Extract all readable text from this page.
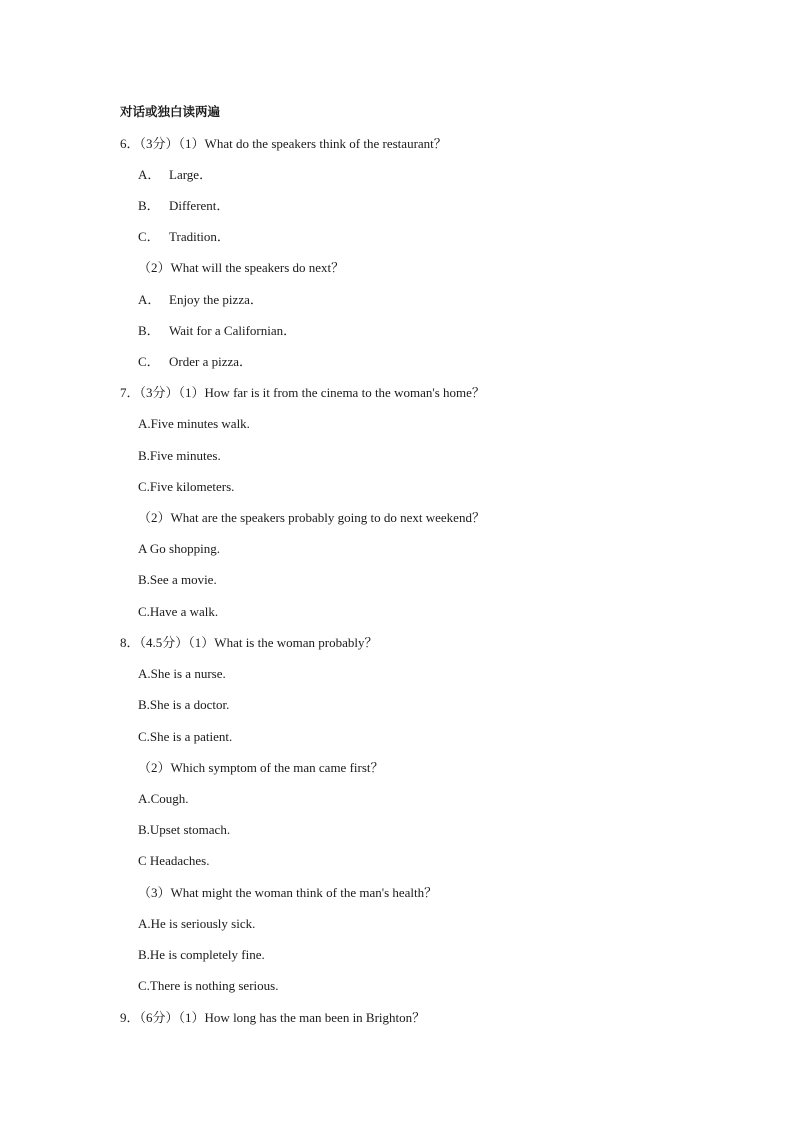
对话或独白读两遍
6．（3分）（1）What do the speakers think of the restaurant？
A． Large．
B． Different．
C． Tradition．
（2）What will the speakers do next？
A． Enjoy the pizza．
B． Wait for a Californian．
C． Order a pizza．
7．（3分）（1）How far is it from the cinema to the woman's home？
A.Five minutes walk.
B.Five minutes.
C.Five kilometers.
（2）What are the speakers probably going to do next weekend？
A Go shopping.
B.See a movie.
C.Have a walk.
8．（4.5分）（1）What is the woman probably？
A.She is a nurse.
B.She is a doctor.
C.She is a patient.
（2）Which symptom of the man came first？
A.Cough.
B.Upset stomach.
C Headaches.
（3）What might the woman think of the man's health？
A.He is seriously sick.
B.He is completely fine.
C.There is nothing serious.
9．（6分）（1）How long has the man been in Brighton？
